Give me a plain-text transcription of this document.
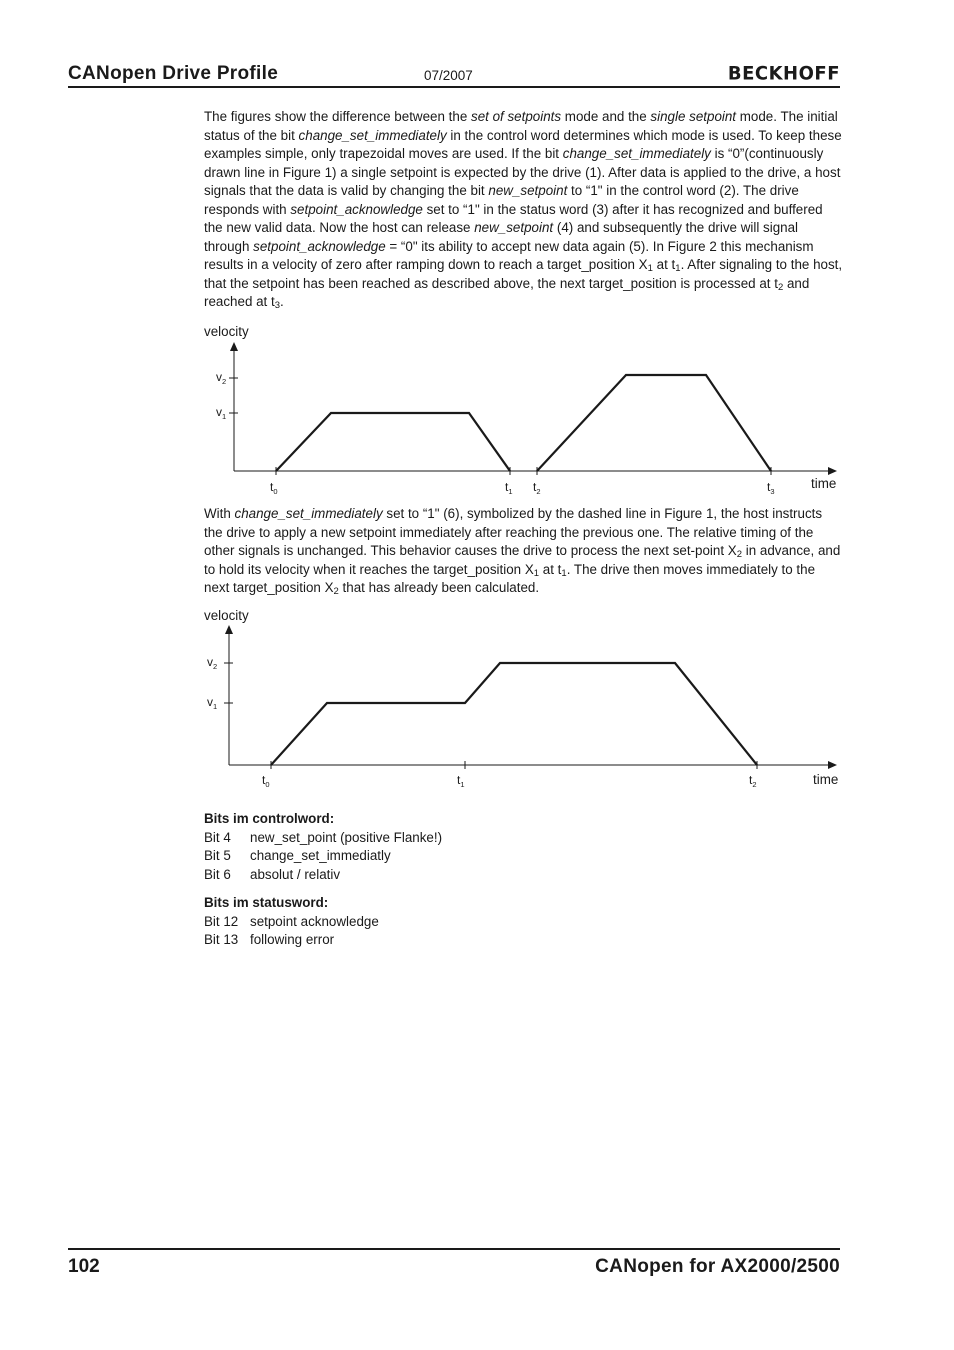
CANopen Drive Profile	07/2007	BECKHOFF

The figures show the difference between the set of setpoints mode and the single setpoint mode. The initial status of the bit change_set_immediately in the control word determines which mode is used. To keep these examples simple, only trapezoidal moves are used. If the bit change_set_immediately is “0”(continuously drawn line in Figure 1) a single setpoint is expected by the drive (1). After data is applied to the drive, a host signals that the data is valid by changing the bit new_setpoint to “1" in the control word (2). The drive responds with setpoint_acknowledge set to “1" in the status word (3) after it has recognized and buffered the new valid data. Now the host can release new_setpoint (4) and subsequently the drive will signal through setpoint_acknowledge = “0" its ability to accept new data again (5). In Figure 2 this mechanism results in a velocity of zero after ramping down to reach a target_position $X_1$ at $t_1$. After signaling to the host, that the setpoint has been reached as described above, the next target_position is processed at $t_2$ and reached at $t_3$.

velocity
time
$v_2$
$v_1$
$t_0$	$t_1$ $t_2$	$t_3$

With change_set_immediately set to “1" (6), symbolized by the dashed line in Figure 1, the host instructs the drive to apply a new setpoint immediately after reaching the previous one. The relative timing of the other signals is unchanged. This behavior causes the drive to process the next set-point $X_2$ in advance, and to hold its velocity when it reaches the target_position $X_1$ at $t_1$. The drive then moves immediately to the next target_position $X_2$ that has already been calculated.

velocity
time
$v_2$
$v_1$
$t_0$	$t_1$	$t_2$
Bits im controlword:
Bit 4	new_set_point (positive Flanke!)
Bit 5	change_set_immediatly
Bit 6	absolut / relativ
Bits im statusword:
Bit 12 setpoint acknowledge
Bit 13 following error
102	CANopen for AX2000/2500
